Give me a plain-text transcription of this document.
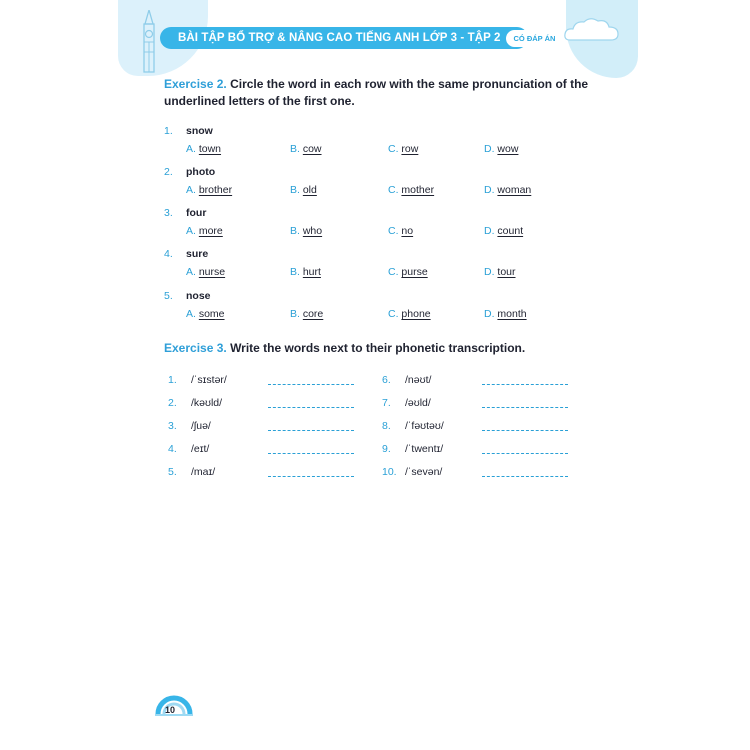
BÀI TẬP BỔ TRỢ & NÂNG CAO TIẾNG ANH LỚP 3 - TẬP 2	CÓ ĐÁP ÁN
Exercise 2. Circle the word in each row with the same pronunciation of the underlined letters of the first one.
1.	snow
A. town	B. cow	C. row	D. wow
2.	photo
A. brother	B. old	C. mother	D. woman
3.	four
A. more	B. who	C. no	D. count
4.	sure
A. nurse	B. hurt	C. purse	D. tour
5.	nose
A. some	B. core	C. phone	D. month
Exercise 3. Write the words next to their phonetic transcription.
1. /ˈsɪstər/
2. /kəʊld/
3. /ʃuə/
4. /eɪt/
5. /maɪ/
6. /nəʊt/
7. /əʊld/
8. /ˈfəʊtəʊ/
9. /ˈtwentɪ/
10. /ˈsevən/
10
